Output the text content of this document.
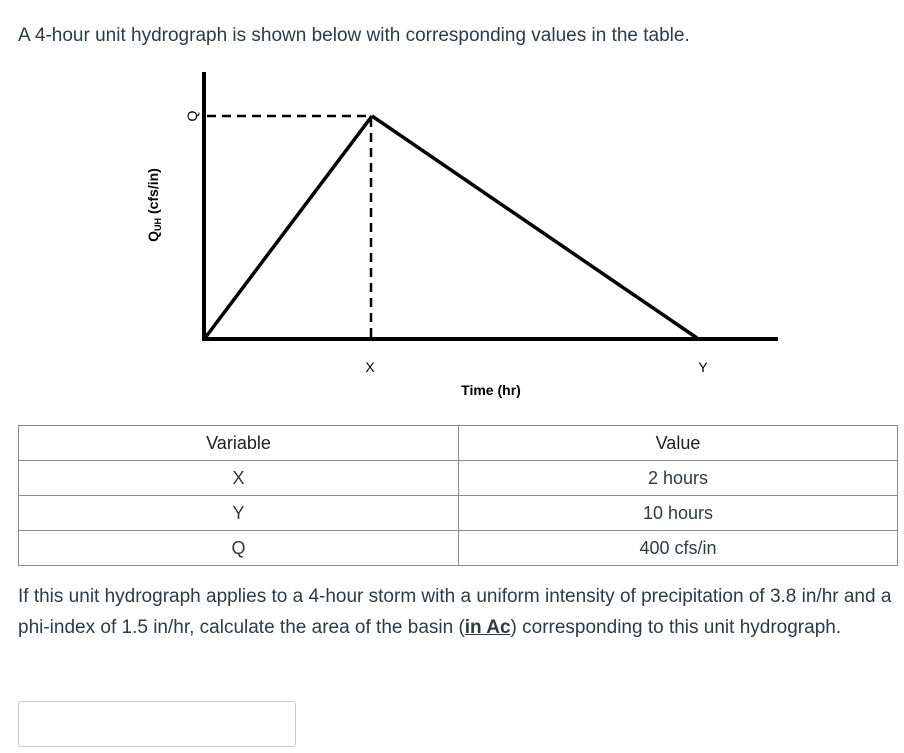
A 4-hour unit hydrograph is shown below with corresponding values in the table.

$Q_{UH}$ (cfs/in)
Q
X	Y
Time (hr)
Variable	Value
X	2 hours
Y	10 hours
Q	400 cfs/in

If this unit hydrograph applies to a 4-hour storm with a uniform intensity of precipitation of 3.8 in/hr and a phi-index of 1.5 in/hr, calculate the area of the basin (in Ac) corresponding to this unit hydrograph.
